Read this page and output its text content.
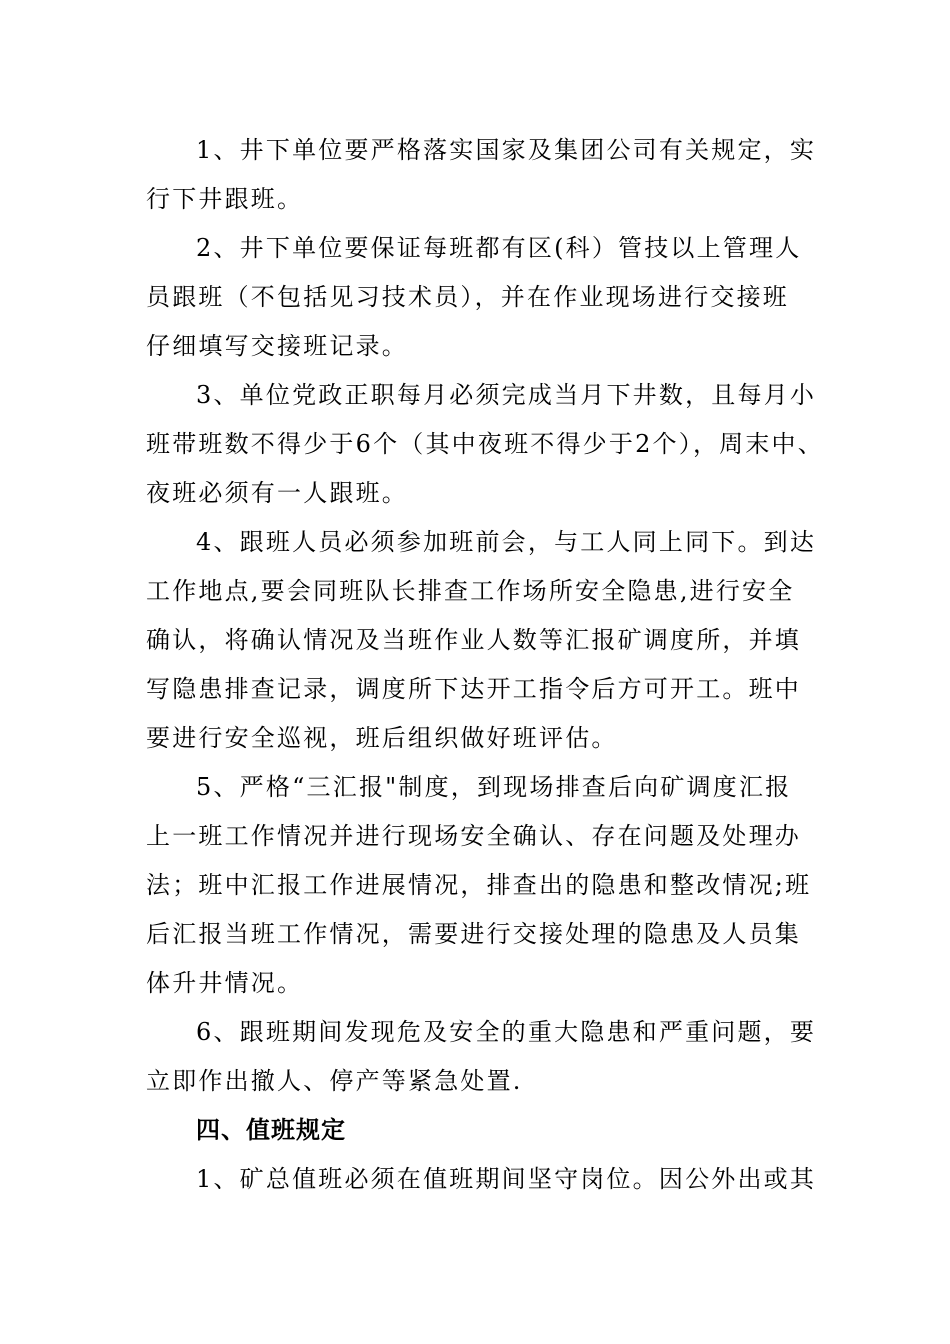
1、井下单位要严格落实国家及集团公司有关规定，实
行下井跟班。
2、井下单位要保证每班都有区(科）管技以上管理人
员跟班（不包括见习技术员），并在作业现场进行交接班
仔细填写交接班记录。
3、单位党政正职每月必须完成当月下井数，且每月小
班带班数不得少于6个（其中夜班不得少于2个），周末中、
夜班必须有一人跟班。
4、跟班人员必须参加班前会，与工人同上同下。到达
工作地点,要会同班队长排查工作场所安全隐患,进行安全
确认，将确认情况及当班作业人数等汇报矿调度所，并填
写隐患排查记录，调度所下达开工指令后方可开工。班中
要进行安全巡视，班后组织做好班评估。
5、严格“三汇报"制度，到现场排查后向矿调度汇报
上一班工作情况并进行现场安全确认、存在问题及处理办
法；班中汇报工作进展情况，排查出的隐患和整改情况;班
后汇报当班工作情况，需要进行交接处理的隐患及人员集
体升井情况。
6、跟班期间发现危及安全的重大隐患和严重问题，要
立即作出撤人、停产等紧急处置.
四、值班规定
1、矿总值班必须在值班期间坚守岗位。因公外出或其
